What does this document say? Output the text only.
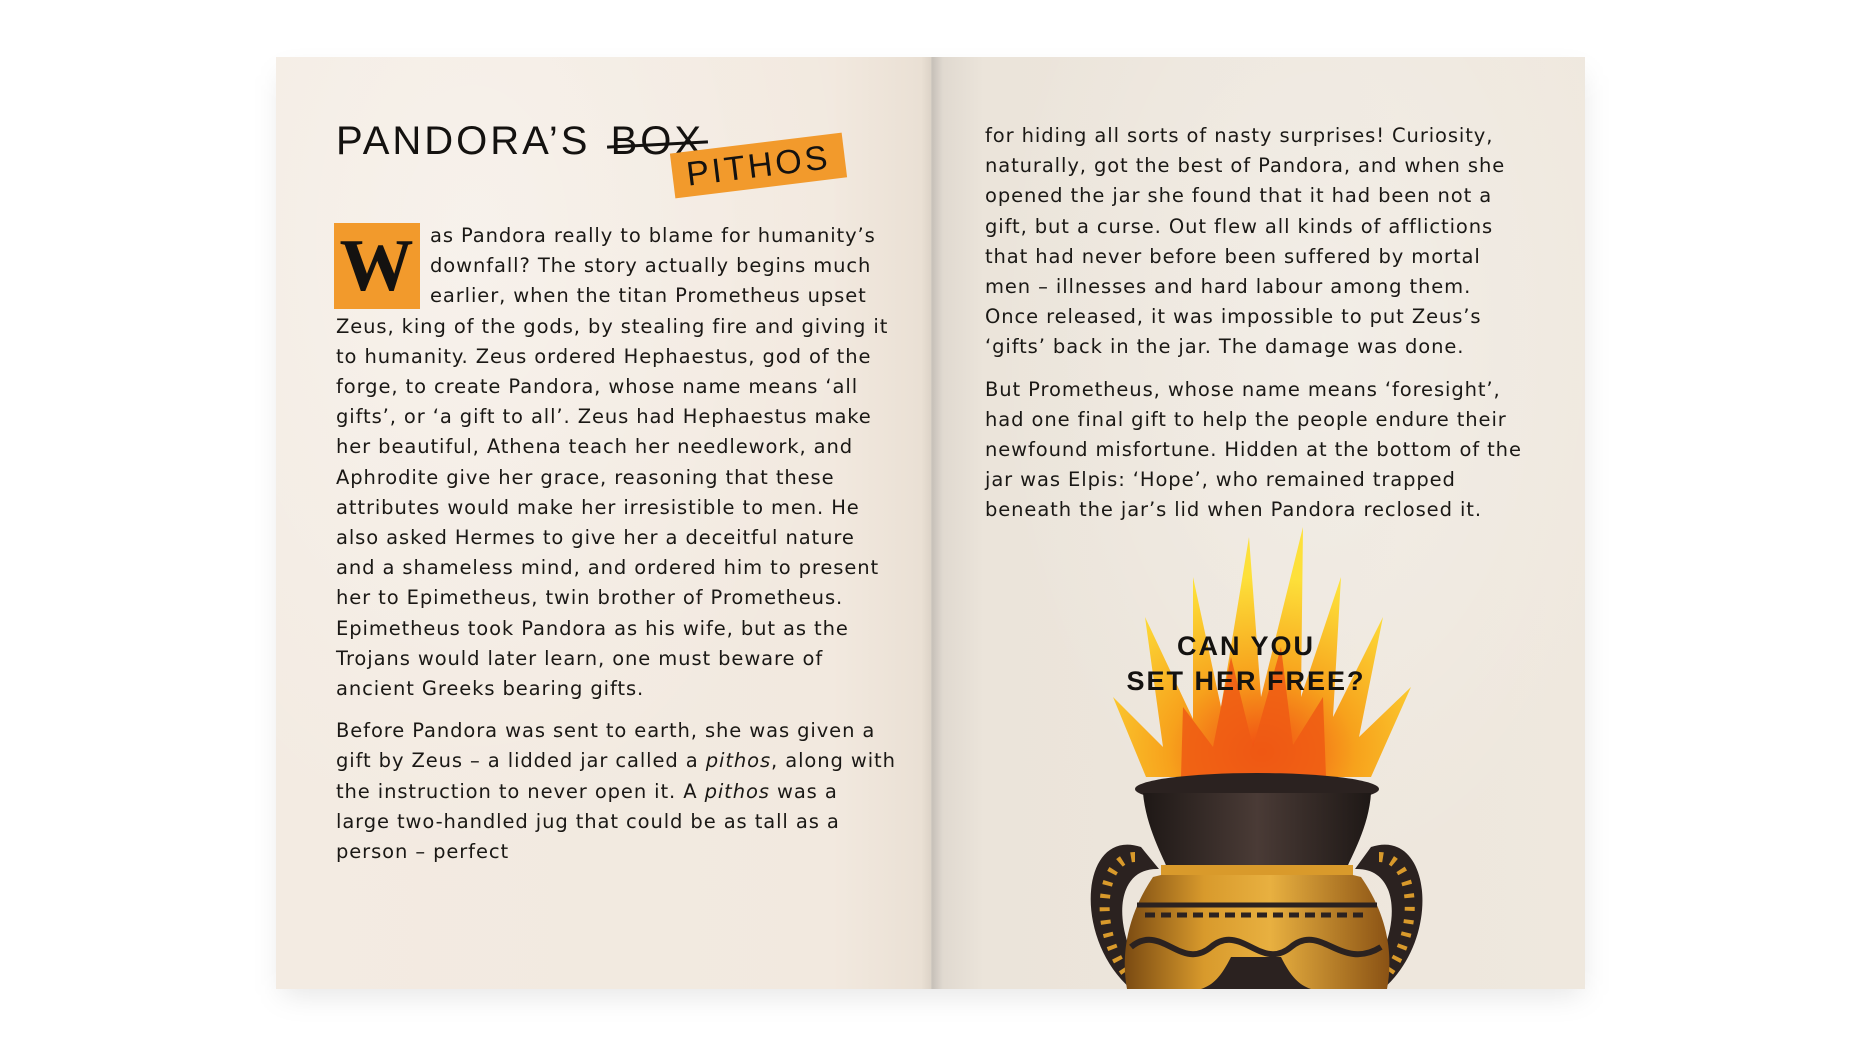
PANDORA’S BOX
PITHOS

W as Pandora really to blame for humanity’s downfall? The story actually begins much earlier, when the titan Prometheus upset Zeus, king of the gods, by stealing fire and giving it to humanity. Zeus ordered Hephaestus, god of the forge, to create Pandora, whose name means ‘all gifts’, or ‘a gift to all’. Zeus had Hephaestus make her beautiful, Athena teach her needlework, and Aphrodite give her grace, reasoning that these attributes would make her irresistible to men. He also asked Hermes to give her a deceitful nature and a shameless mind, and ordered him to present her to Epimetheus, twin brother of Prometheus. Epimetheus took Pandora as his wife, but as the Trojans would later learn, one must beware of ancient Greeks bearing gifts.

Before Pandora was sent to earth, she was given a gift by Zeus – a lidded jar called a pithos, along with the instruction to never open it. A pithos was a large two-handled jug that could be as tall as a person – perfect

for hiding all sorts of nasty surprises! Curiosity, naturally, got the best of Pandora, and when she opened the jar she found that it had been not a gift, but a curse. Out flew all kinds of afflictions that had never before been suffered by mortal men – illnesses and hard labour among them. Once released, it was impossible to put Zeus’s ‘gifts’ back in the jar. The damage was done.

But Prometheus, whose name means ‘foresight’, had one final gift to help the people endure their newfound misfortune. Hidden at the bottom of the jar was Elpis: ‘Hope’, who remained trapped beneath the jar’s lid when Pandora reclosed it.

CAN YOU
SET HER FREE?
